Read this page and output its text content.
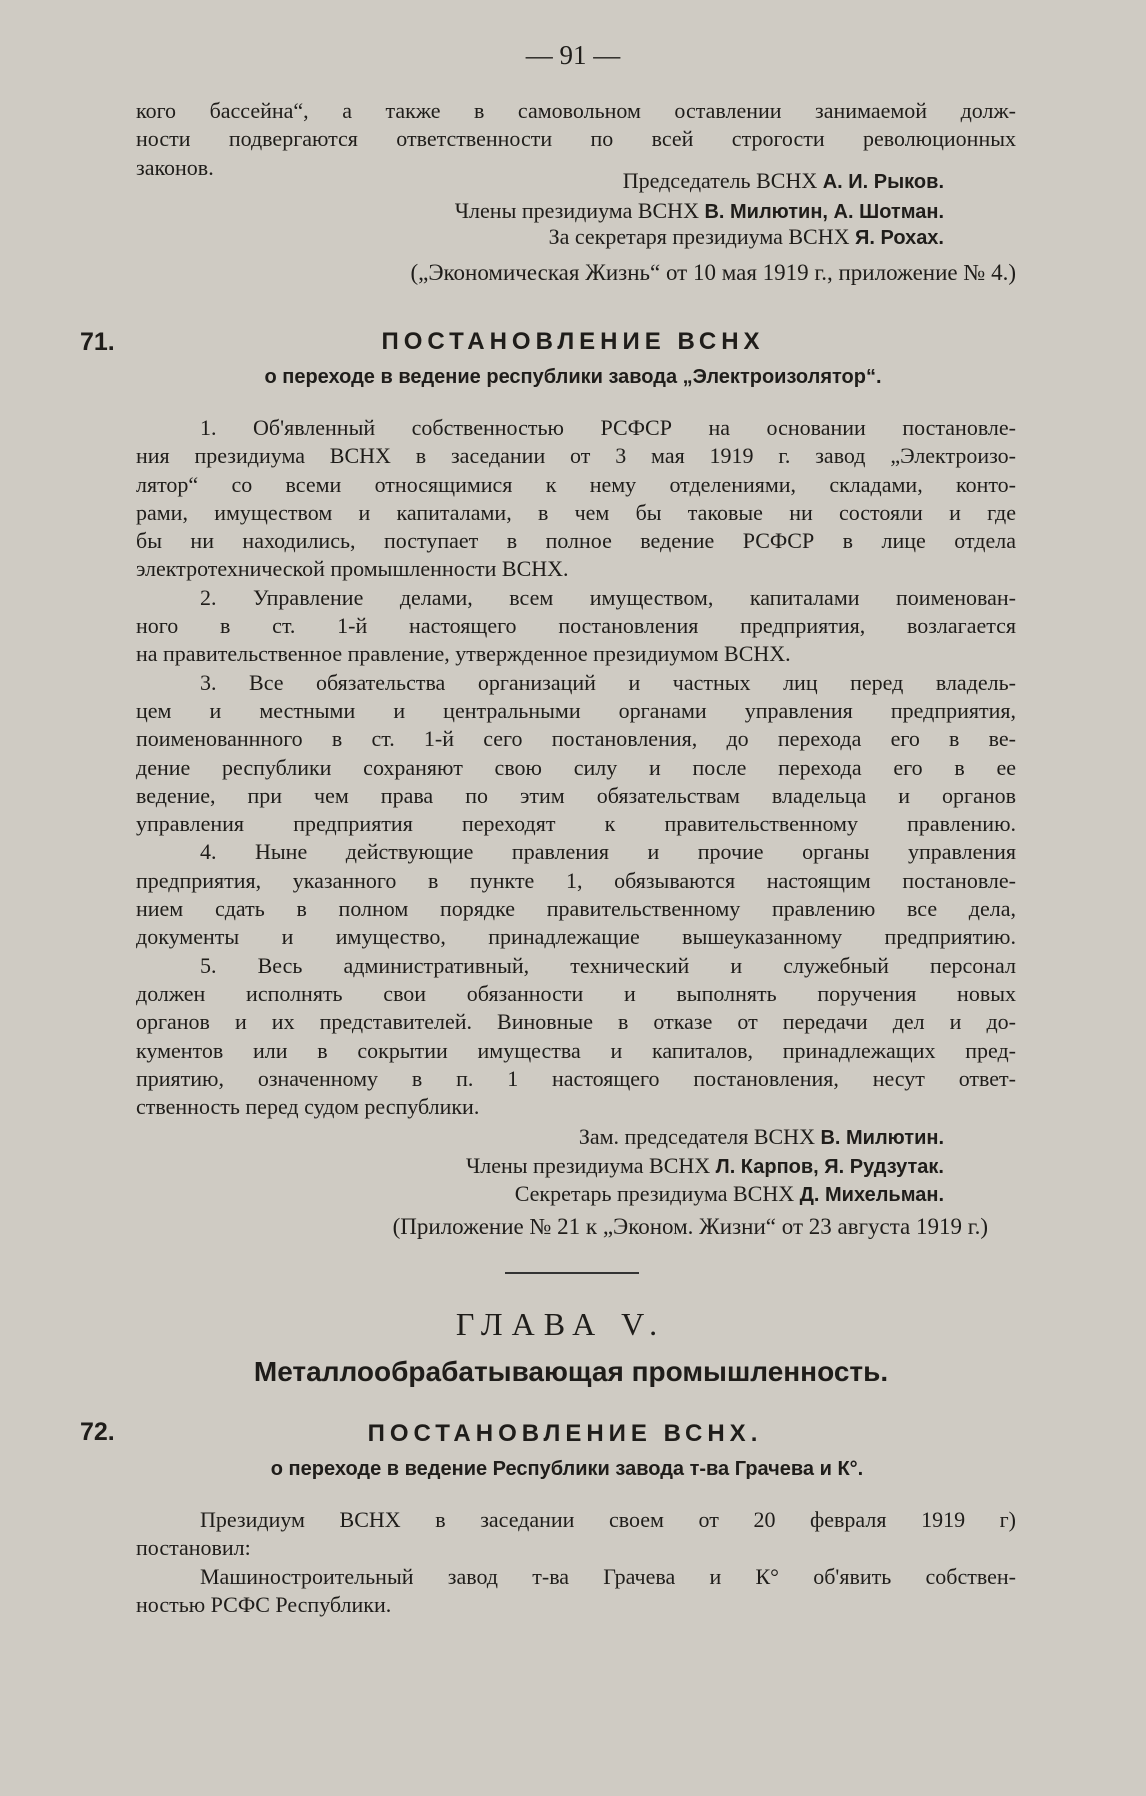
— 91 —
кого бассейна“, а также в самовольном оставлении занимаемой долж-
ности подвергаются ответственности по всей строгости революционных
законов.
Председатель ВСНХ А. И. Рыков.
Члены президиума ВСНХ В. Милютин, А. Шотман.
За секретаря президиума ВСНХ Я. Рохах.
(„Экономическая Жизнь“ от 10 мая 1919 г., приложение № 4.)
71.	ПОСТАНОВЛЕНИЕ ВСНХ
о переходе в ведение республики завода „Электроизолятор“.
1. Об'явленный собственностью РСФСР на основании постановле-
ния президиума ВСНХ в заседании от 3 мая 1919 г. завод „Электроизо-
лятор“ со всеми относящимися к нему отделениями, складами, конто-
рами, имуществом и капиталами, в чем бы таковые ни состояли и где
бы ни находились, поступает в полное ведение РСФСР в лице отдела
электротехнической промышленности ВСНХ.
2. Управление делами, всем имуществом, капиталами поименован-
ного в ст. 1-й настоящего постановления предприятия, возлагается
на правительственное правление, утвержденное президиумом ВСНХ.
3. Все обязательства организаций и частных лиц перед владель-
цем и местными и центральными органами управления предприятия,
поименованнного в ст. 1-й сего постановления, до перехода его в ве-
дение республики сохраняют свою силу и после перехода его в ее
ведение, при чем права по этим обязательствам владельца и органов
управления предприятия переходят к правительственному правлению.
4. Ныне действующие правления и прочие органы управления
предприятия, указанного в пункте 1, обязываются настоящим постановле-
нием сдать в полном порядке правительственному правлению все дела,
документы и имущество, принадлежащие вышеуказанному предприятию.
5. Весь административный, технический и служебный персонал
должен исполнять свои обязанности и выполнять поручения новых
органов и их представителей. Виновные в отказе от передачи дел и до-
кументов или в сокрытии имущества и капиталов, принадлежащих пред-
приятию, означенному в п. 1 настоящего постановления, несут ответ-
ственность перед судом республики.
Зам. председателя ВСНХ В. Милютин.
Члены президиума ВСНХ Л. Карпов, Я. Рудзутак.
Секретарь президиума ВСНХ Д. Михельман.
(Приложение № 21 к „Эконом. Жизни“ от 23 августа 1919 г.)
ГЛАВА V.
Металлообрабатывающая промышленность.
72.	ПОСТАНОВЛЕНИЕ ВСНХ.
о переходе в ведение Республики завода т-ва Грачева и К°.
Президиум ВСНХ в заседании своем от 20 февраля 1919 г)
постановил:
Машиностроительный завод т-ва Грачева и К° об'явить собствен-
ностью РСФС Республики.
